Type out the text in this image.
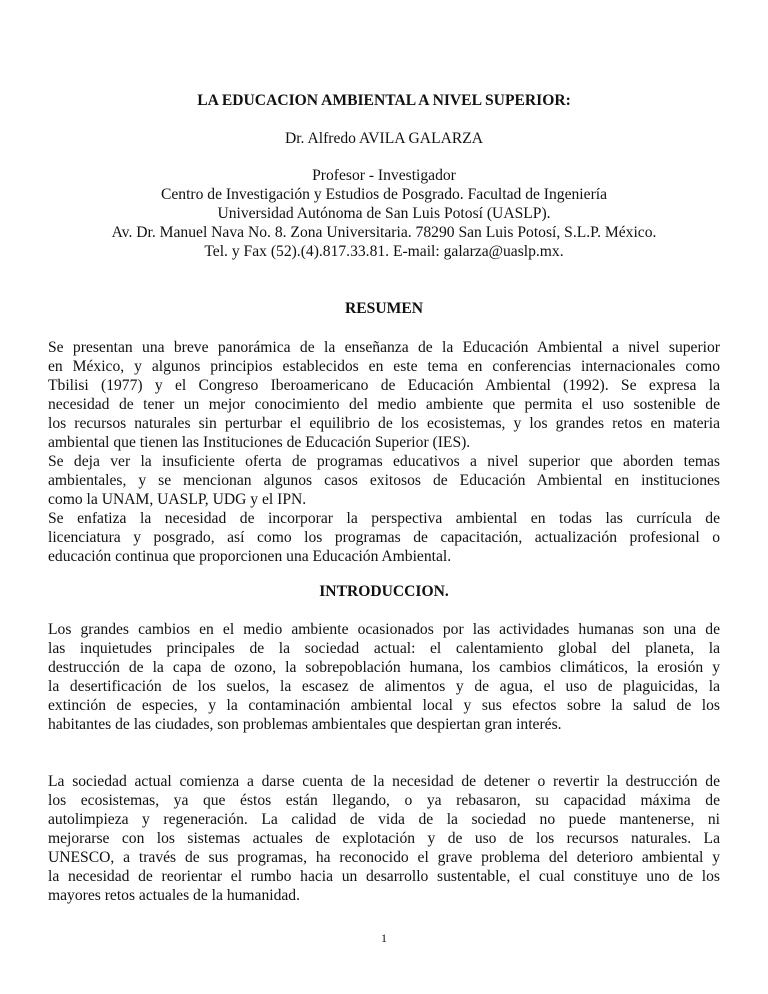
LA EDUCACION AMBIENTAL A NIVEL SUPERIOR:
Dr. Alfredo AVILA GALARZA
Profesor - Investigador
Centro de Investigación y Estudios de Posgrado. Facultad de Ingeniería
Universidad Autónoma de San Luis Potosí (UASLP).
Av. Dr. Manuel Nava No. 8. Zona Universitaria. 78290 San Luis Potosí, S.L.P. México.
Tel. y Fax (52).(4).817.33.81. E-mail: galarza@uaslp.mx.
RESUMEN
Se presentan una breve panorámica de la enseñanza de la Educación Ambiental a nivel superior
en México, y algunos principios establecidos en este tema en conferencias internacionales como
Tbilisi (1977) y el Congreso Iberoamericano de Educación Ambiental (1992). Se expresa la
necesidad de tener un mejor conocimiento del medio ambiente que permita el uso sostenible de
los recursos naturales sin perturbar el equilibrio de los ecosistemas, y los grandes retos en materia
ambiental que tienen las Instituciones de Educación Superior (IES).
Se deja ver la insuficiente oferta de programas educativos a nivel superior que aborden temas
ambientales, y se mencionan algunos casos exitosos de Educación Ambiental en instituciones
como la UNAM, UASLP, UDG y el IPN.
Se enfatiza la necesidad de incorporar la perspectiva ambiental en todas las currícula de
licenciatura y posgrado, así como los programas de capacitación, actualización profesional o
educación continua que proporcionen una Educación Ambiental.
INTRODUCCION.
Los grandes cambios en el medio ambiente ocasionados por las actividades humanas son una de
las inquietudes principales de la sociedad actual: el calentamiento global del planeta, la
destrucción de la capa de ozono, la sobrepoblación humana, los cambios climáticos, la erosión y
la desertificación de los suelos, la escasez de alimentos y de agua, el uso de plaguicidas, la
extinción de especies, y la contaminación ambiental local y sus efectos sobre la salud de los
habitantes de las ciudades, son problemas ambientales que despiertan gran interés.
La sociedad actual comienza a darse cuenta de la necesidad de detener o revertir la destrucción de
los ecosistemas, ya que éstos están llegando, o ya rebasaron, su capacidad máxima de
autolimpieza y regeneración. La calidad de vida de la sociedad no puede mantenerse, ni
mejorarse con los sistemas actuales de explotación y de uso de los recursos naturales. La
UNESCO, a través de sus programas, ha reconocido el grave problema del deterioro ambiental y
la necesidad de reorientar el rumbo hacia un desarrollo sustentable, el cual constituye uno de los
mayores retos actuales de la humanidad.
1
